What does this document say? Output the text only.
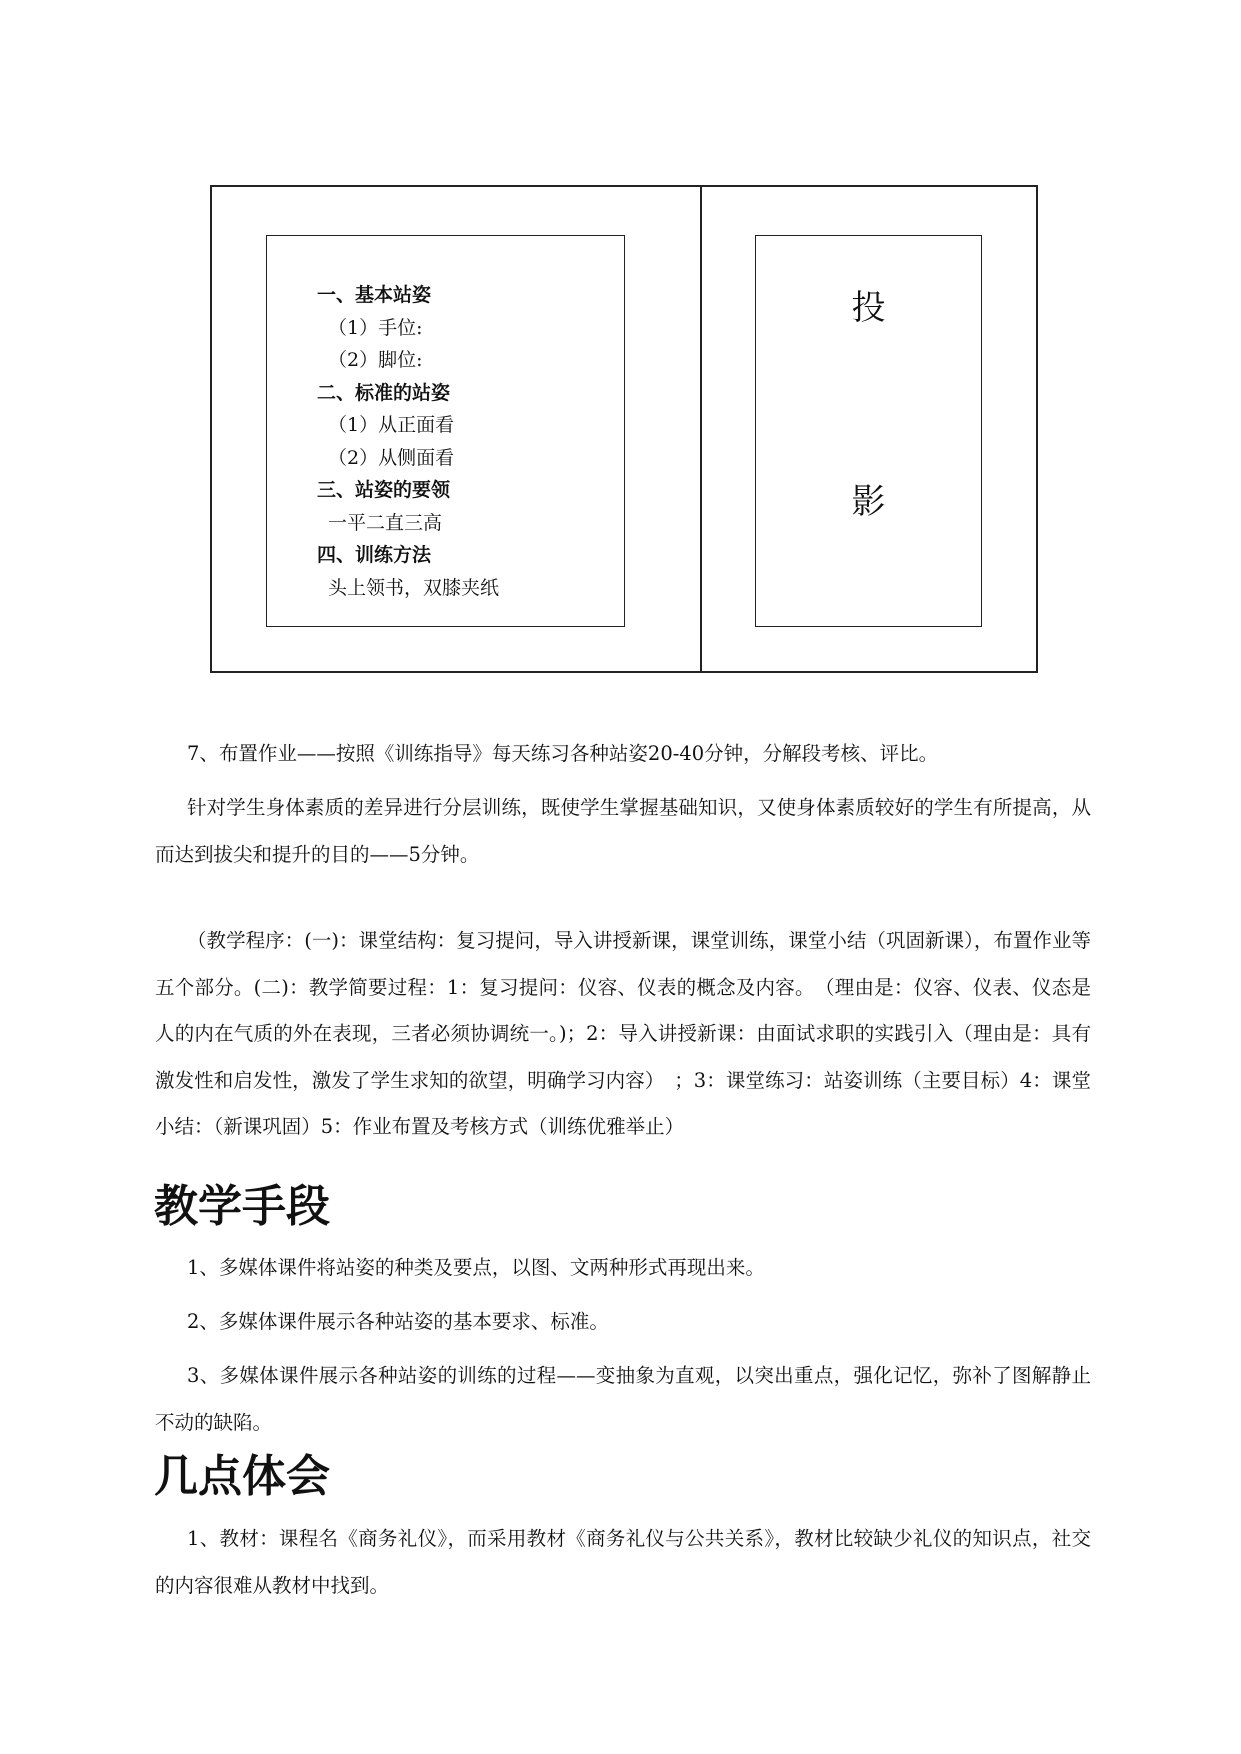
一、基本站姿
（1）手位:
（2）脚位:
二、标准的站姿
（1）从正面看
（2）从侧面看
三、站姿的要领
一平二直三高
四、训练方法
头上领书，双膝夹纸
投
影

7、布置作业——按照《训练指导》每天练习各种站姿20-40分钟，分解段考核、评比。

针对学生身体素质的差异进行分层训练，既使学生掌握基础知识，又使身体素质较好的学生有所提高，从而达到拔尖和提升的目的——5分钟。

（教学程序：(一)：课堂结构：复习提问，导入讲授新课，课堂训练，课堂小结（巩固新课），布置作业等五个部分。(二)：教学简要过程：1：复习提问：仪容、仪表的概念及内容。　（理由是：仪容、仪表、仪态是人的内在气质的外在表现，三者必须协调统一。)；2：导入讲授新课：由面试求职的实践引入（理由是：具有激发性和启发性，激发了学生求知的欲望，明确学习内容）　；3：课堂练习：站姿训练（主要目标）4：课堂小结：（新课巩固）5：作业布置及考核方式（训练优雅举止）

教学手段

1、多媒体课件将站姿的种类及要点，以图、文两种形式再现出来。

2、多媒体课件展示各种站姿的基本要求、标准。

3、多媒体课件展示各种站姿的训练的过程——变抽象为直观，以突出重点，强化记忆，弥补了图解静止不动的缺陷。

几点体会

1、教材：课程名《商务礼仪》，而采用教材《商务礼仪与公共关系》，教材比较缺少礼仪的知识点，社交的内容很难从教材中找到。
